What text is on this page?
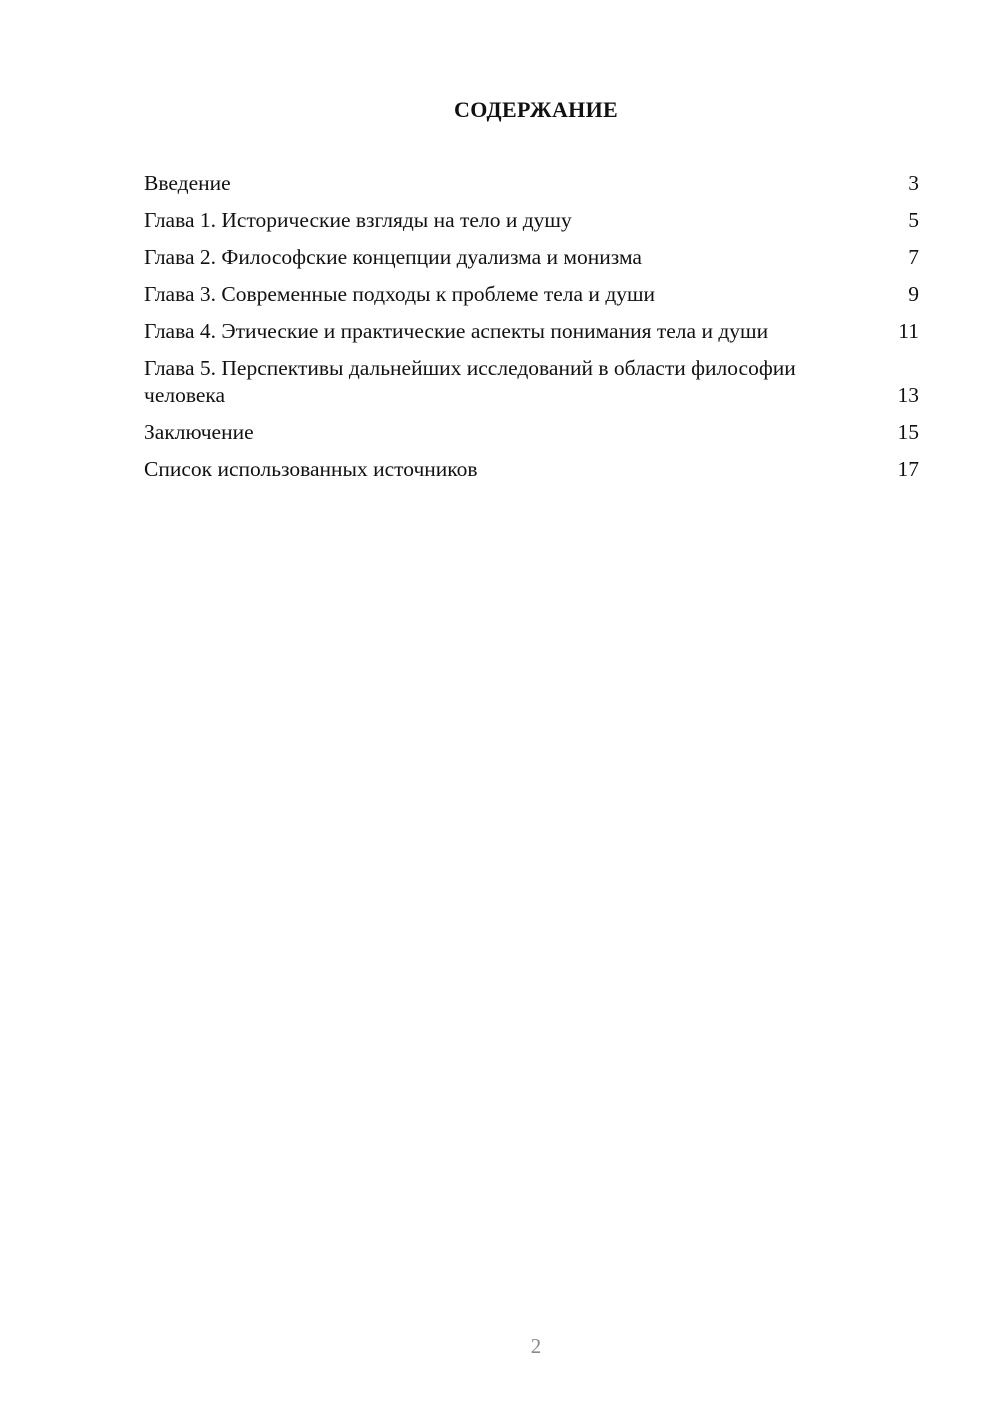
СОДЕРЖАНИЕ
Введение	3
Глава 1. Исторические взгляды на тело и душу	5
Глава 2. Философские концепции дуализма и монизма	7
Глава 3. Современные подходы к проблеме тела и души	9
Глава 4. Этические и практические аспекты понимания тела и души	11
Глава 5. Перспективы дальнейших исследований в области философии человека	13
Заключение	15
Список использованных источников	17
2
